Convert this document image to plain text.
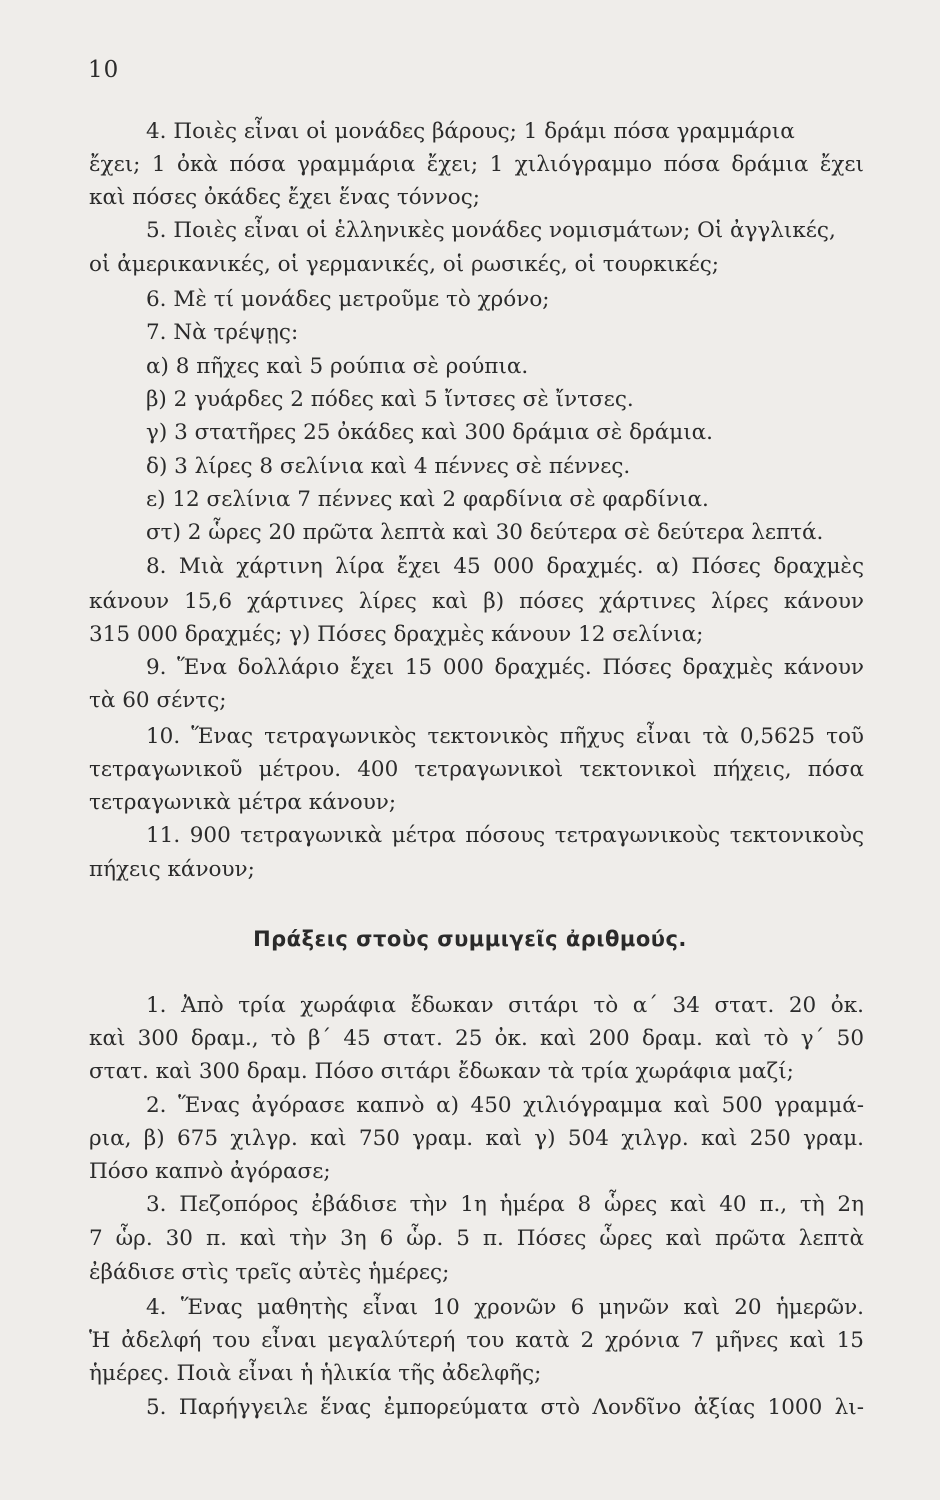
10
4. Ποιὲς εἶναι οἱ μονάδες βάρους; 1 δράμι πόσα γραμμάρια
ἔχει; 1 ὀκὰ πόσα γραμμάρια ἔχει; 1 χιλιόγραμμο πόσα δράμια ἔχει
καὶ πόσες ὀκάδες ἔχει ἕνας τόννος;
5. Ποιὲς εἶναι οἱ ἑλληνικὲς μονάδες νομισμάτων; Οἱ ἀγγλικές,
οἱ ἀμερικανικές, οἱ γερμανικές, οἱ ρωσικές, οἱ τουρκικές;
6. Μὲ τί μονάδες μετροῦμε τὸ χρόνο;
7. Νὰ τρέψῃς:
α) 8 πῆχες καὶ 5 ρούπια σὲ ρούπια.
β) 2 γυάρδες 2 πόδες καὶ 5 ἴντσες σὲ ἴντσες.
γ) 3 στατῆρες 25 ὀκάδες καὶ 300 δράμια σὲ δράμια.
δ) 3 λίρες 8 σελίνια καὶ 4 πέννες σὲ πέννες.
ε) 12 σελίνια 7 πέννες καὶ 2 φαρδίνια σὲ φαρδίνια.
στ) 2 ὧρες 20 πρῶτα λεπτὰ καὶ 30 δεύτερα σὲ δεύτερα λεπτά.
8. Μιὰ χάρτινη λίρα ἔχει 45 000 δραχμές. α) Πόσες δραχμὲς
κάνουν 15,6 χάρτινες λίρες καὶ β) πόσες χάρτινες λίρες κάνουν
315 000 δραχμές; γ) Πόσες δραχμὲς κάνουν 12 σελίνια;
9. Ἕνα δολλάριο ἔχει 15 000 δραχμές. Πόσες δραχμὲς κάνουν
τὰ 60 σέντς;
10. Ἕνας τετραγωνικὸς τεκτονικὸς πῆχυς εἶναι τὰ 0,5625 τοῦ
τετραγωνικοῦ μέτρου. 400 τετραγωνικοὶ τεκτονικοὶ πήχεις, πόσα
τετραγωνικὰ μέτρα κάνουν;
11. 900 τετραγωνικὰ μέτρα πόσους τετραγωνικοὺς τεκτονικοὺς
πήχεις κάνουν;
Πράξεις στοὺς συμμιγεῖς ἀριθμούς.
1. Ἀπὸ τρία χωράφια ἔδωκαν σιτάρι τὸ α΄ 34 στατ. 20 ὀκ.
καὶ 300 δραμ., τὸ β΄ 45 στατ. 25 ὀκ. καὶ 200 δραμ. καὶ τὸ γ΄ 50
στατ. καὶ 300 δραμ. Πόσο σιτάρι ἔδωκαν τὰ τρία χωράφια μαζί;
2. Ἕνας ἀγόρασε καπνὸ α) 450 χιλιόγραμμα καὶ 500 γραμμά-
ρια, β) 675 χιλγρ. καὶ 750 γραμ. καὶ γ) 504 χιλγρ. καὶ 250 γραμ.
Πόσο καπνὸ ἀγόρασε;
3. Πεζοπόρος ἐβάδισε τὴν 1η ἡμέρα 8 ὧρες καὶ 40 π., τὴ 2η
7 ὧρ. 30 π. καὶ τὴν 3η 6 ὧρ. 5 π. Πόσες ὧρες καὶ πρῶτα λεπτὰ
ἐβάδισε στὶς τρεῖς αὐτὲς ἡμέρες;
4. Ἕνας μαθητὴς εἶναι 10 χρονῶν 6 μηνῶν καὶ 20 ἡμερῶν.
Ἡ ἀδελφή του εἶναι μεγαλύτερή του κατὰ 2 χρόνια 7 μῆνες καὶ 15
ἡμέρες. Ποιὰ εἶναι ἡ ἡλικία τῆς ἀδελφῆς;
5. Παρήγγειλε ἕνας ἐμπορεύματα στὸ Λονδῖνο ἀξίας 1000 λι-
